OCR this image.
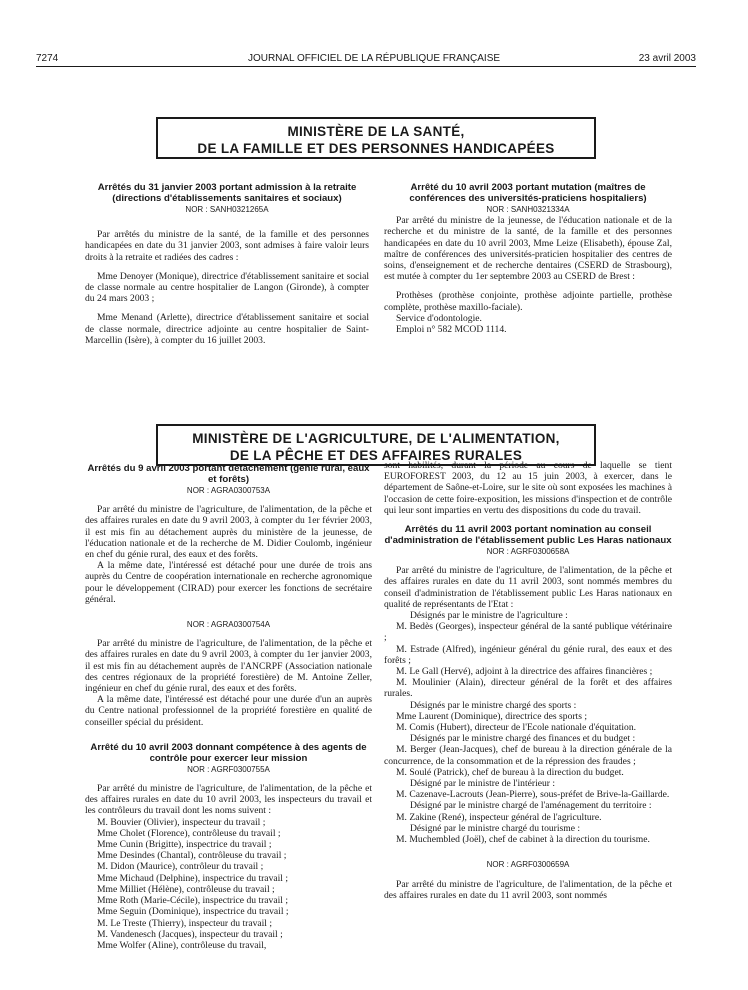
7274	JOURNAL OFFICIEL DE LA RÉPUBLIQUE FRANÇAISE	23 avril 2003
MINISTÈRE DE LA SANTÉ,
DE LA FAMILLE ET DES PERSONNES HANDICAPÉES

Arrêtés du 31 janvier 2003 portant admission à la retraite (directions d'établissements sanitaires et sociaux)

NOR : SANH0321265A

Par arrêtés du ministre de la santé, de la famille et des personnes handicapées en date du 31 janvier 2003, sont admises à faire valoir leurs droits à la retraite et radiées des cadres :

Mme Denoyer (Monique), directrice d'établissement sanitaire et social de classe normale au centre hospitalier de Langon (Gironde), à compter du 24 mars 2003 ;

Mme Menand (Arlette), directrice d'établissement sanitaire et social de classe normale, directrice adjointe au centre hospitalier de Saint-Marcellin (Isère), à compter du 16 juillet 2003.

Arrêté du 10 avril 2003 portant mutation (maîtres de conférences des universités-praticiens hospitaliers)

NOR : SANH0321334A

Par arrêté du ministre de la jeunesse, de l'éducation nationale et de la recherche et du ministre de la santé, de la famille et des personnes handicapées en date du 10 avril 2003, Mme Leize (Elisabeth), épouse Zal, maître de conférences des universités-praticien hospitalier des centres de soins, d'enseignement et de recherche dentaires (CSERD de Strasbourg), est mutée à compter du 1er septembre 2003 au CSERD de Brest :

Prothèses (prothèse conjointe, prothèse adjointe partielle, prothèse complète, prothèse maxillo-faciale).

Service d'odontologie.

Emploi n° 582 MCOD 1114.

MINISTÈRE DE L'AGRICULTURE, DE L'ALIMENTATION,
DE LA PÊCHE ET DES AFFAIRES RURALES

Arrêtés du 9 avril 2003 portant détachement (génie rural, eaux et forêts)

NOR : AGRA0300753A

Par arrêté du ministre de l'agriculture, de l'alimentation, de la pêche et des affaires rurales en date du 9 avril 2003, à compter du 1er février 2003, il est mis fin au détachement auprès du ministère de la jeunesse, de l'éducation nationale et de la recherche de M. Didier Coulomb, ingénieur en chef du génie rural, des eaux et des forêts.

A la même date, l'intéressé est détaché pour une durée de trois ans auprès du Centre de coopération internationale en recherche agronomique pour le développement (CIRAD) pour exercer les fonctions de secrétaire général.

NOR : AGRA0300754A

Par arrêté du ministre de l'agriculture, de l'alimentation, de la pêche et des affaires rurales en date du 9 avril 2003, à compter du 1er janvier 2003, il est mis fin au détachement auprès de l'ANCRPF (Association nationale des centres régionaux de la propriété forestière) de M. Antoine Zeller, ingénieur en chef du génie rural, des eaux et des forêts.

A la même date, l'intéressé est détaché pour une durée d'un an auprès du Centre national professionnel de la propriété forestière en qualité de conseiller spécial du président.

Arrêté du 10 avril 2003 donnant compétence à des agents de contrôle pour exercer leur mission

NOR : AGRF0300755A

Par arrêté du ministre de l'agriculture, de l'alimentation, de la pêche et des affaires rurales en date du 10 avril 2003, les inspecteurs du travail et les contrôleurs du travail dont les noms suivent :

M. Bouvier (Olivier), inspecteur du travail ;

Mme Cholet (Florence), contrôleuse du travail ;

Mme Cunin (Brigitte), inspectrice du travail ;

Mme Desindes (Chantal), contrôleuse du travail ;

M. Didon (Maurice), contrôleur du travail ;

Mme Michaud (Delphine), inspectrice du travail ;

Mme Milliet (Hélène), contrôleuse du travail ;

Mme Roth (Marie-Cécile), inspectrice du travail ;

Mme Seguin (Dominique), inspectrice du travail ;

M. Le Treste (Thierry), inspecteur du travail ;

M. Vandenesch (Jacques), inspecteur du travail ;

Mme Wolfer (Aline), contrôleuse du travail,

sont habilités, durant la période au cours de laquelle se tient EUROFOREST 2003, du 12 au 15 juin 2003, à exercer, dans le département de Saône-et-Loire, sur le site où sont exposées les machines à l'occasion de cette foire-exposition, les missions d'inspection et de contrôle qui leur sont imparties en vertu des dispositions du code du travail.

Arrêtés du 11 avril 2003 portant nomination au conseil d'administration de l'établissement public Les Haras nationaux

NOR : AGRF0300658A

Par arrêté du ministre de l'agriculture, de l'alimentation, de la pêche et des affaires rurales en date du 11 avril 2003, sont nommés membres du conseil d'administration de l'établissement public Les Haras nationaux en qualité de représentants de l'Etat :

Désignés par le ministre de l'agriculture :

M. Bedès (Georges), inspecteur général de la santé publique vétérinaire ;

M. Estrade (Alfred), ingénieur général du génie rural, des eaux et des forêts ;

M. Le Gall (Hervé), adjoint à la directrice des affaires financières ;

M. Moulinier (Alain), directeur général de la forêt et des affaires rurales.

Désignés par le ministre chargé des sports :

Mme Laurent (Dominique), directrice des sports ;

M. Comis (Hubert), directeur de l'Ecole nationale d'équitation.

Désignés par le ministre chargé des finances et du budget :

M. Berger (Jean-Jacques), chef de bureau à la direction générale de la concurrence, de la consommation et de la répression des fraudes ;

M. Soulé (Patrick), chef de bureau à la direction du budget.

Désigné par le ministre de l'intérieur :

M. Cazenave-Lacrouts (Jean-Pierre), sous-préfet de Brive-la-Gaillarde.

Désigné par le ministre chargé de l'aménagement du territoire :

M. Zakine (René), inspecteur général de l'agriculture.

Désigné par le ministre chargé du tourisme :

M. Muchembled (Joël), chef de cabinet à la direction du tourisme.

NOR : AGRF0300659A

Par arrêté du ministre de l'agriculture, de l'alimentation, de la pêche et des affaires rurales en date du 11 avril 2003, sont nommés
